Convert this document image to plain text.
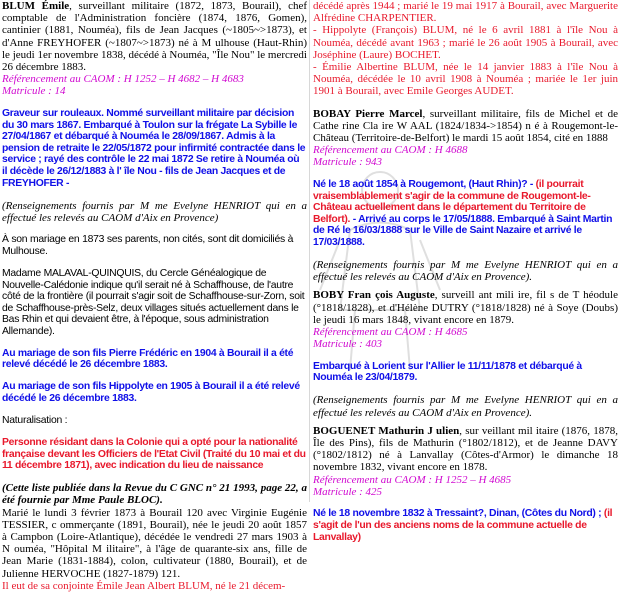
BLUM Émile, surveillant militaire (1872, 1873, Bourail), chef comptable de l'Administration foncière (1874, 1876, Gomen), cantinier (1881, Nouméa), fils de Jean Jacques (~1805~>1873), et d'Anne FREYHOFER (~1807~>1873) né à M ulhouse (Haut-Rhin) le jeudi 1er novembre 1838, décédé à Nouméa, "Île Nou" le mercredi 26 décembre 1883.

Référencement au CAOM : H 1252 – H 4682 – H 4683

Matricule : 14

Graveur sur rouleaux. Nommé surveillant militaire par décision du 30 mars 1867. Embarqué à Toulon sur la frégate La Sybille le 27/04/1867 et débarqué à Nouméa le 28/09/1867. Admis à la pension de retraite le 22/05/1872 pour infirmité contractée dans le service ; rayé des contrôle le 22 mai 1872 Se retire à Nouméa où il décède le 26/12/1883 à l' île Nou - fils de Jean Jacques et de FREYHOFER -

(Renseignements fournis par M me Evelyne HENRIOT qui en a effectué les relevés au CAOM d'Aix en Provence)

À son mariage en 1873 ses parents, non cités, sont dit domiciliés à Mulhouse.

Madame MALAVAL-QUINQUIS, du Cercle Généalogique de Nouvelle-Calédonie indique qu'il serait né à Schaffhouse, de l'autre côté de la frontière (il pourrait s'agir soit de Schaffhouse-sur-Zorn, soit de Schaffhouse-près-Selz, deux villages situés actuellement dans le Bas Rhin et qui devaient être, à l'époque, sous administration Allemande).

Au mariage de son fils Pierre Frédéric en 1904 à Bourail il a été relevé décédé le 26 décembre 1883.

Au mariage de son fils Hippolyte en 1905 à Bourail il a été relevé décédé le 26 décembre 1883.

Naturalisation :

Personne résidant dans la Colonie qui a opté pour la nationalité française devant les Officiers de l'Etat Civil (Traité du 10 mai et du 11 décembre 1871), avec indication du lieu de naissance

(Cette liste publiée dans la Revue du C GNC n° 21 1993, page 22, a été fournie par Mme Paule BLOC).

Marié le lundi 3 février 1873 à Bourail 120 avec Virginie Eugénie TESSIER, c ommerçante (1891, Bourail), née le jeudi 20 août 1857 à Campbon (Loire-Atlantique), décédée le vendredi 27 mars 1903 à N ouméa, "Hôpital M ilitaire", à l'âge de quarante-six ans, fille de Jean Marie (1831-1884), colon, cultivateur (1880, Bourail), et de Julienne HERVOCHE (1827-1879) 121.

Il eut de sa conjointe Émile Jean Albert BLUM, né le 21 décem-

décédé après 1944 ; marié le 19 mai 1917 à Bourail, avec Marguerite Alfrédine CHARPENTIER.

- Hippolyte (François) BLUM, né le 6 avril 1881 à l'île Nou à Nouméa, décédé avant 1963 ; marié le 26 août 1905 à Bourail, avec Joséphine (Laure) BOCHET.

- Émilie Albertine BLUM, née le 14 janvier 1883 à l'île Nou à Nouméa, décédée le 10 avril 1908 à Nouméa ; mariée le 1er juin 1901 à Bourail, avec Emile Georges AUDET.

BOBAY Pierre Marcel, surveillant militaire, fils de Michel et de Cathe rine Cla ire W AAL (1824/1834->1854) n é à Rougemont-le-Château (Territoire-de-Belfort) le mardi 15 août 1854, cité en 1888

Référencement au CAOM : H 4688

Matricule : 943

Né le 18 août 1854 à Rougemont, (Haut Rhin)? - (il pourrait vraisemblablement s'agir de la commune de Rougemont-le-Château actuellement dans le département du Territoire de Belfort). - Arrivé au corps le 17/05/1888. Embarqué à Saint Martin de Ré le 16/03/1888 sur le Ville de Saint Nazaire et arrivé le 17/03/1888.

(Renseignements fournis par M me Evelyne HENRIOT qui en a effectué les relevés au CAOM d'Aix en Provence).

BOBY Fran çois Auguste, surveill ant mili ire, fil s de T héodule (°1818/1828), et d'Hélène DUTRY (°1818/1828) né à Soye (Doubs) le jeudi 16 mars 1848, vivant encore en 1879.

Référencement au CAOM : H 4685

Matricule : 403

Embarqué à Lorient sur l'Allier le 11/11/1878 et débarqué à Nouméa le 23/04/1879.

(Renseignements fournis par M me Evelyne HENRIOT qui en a effectué les relevés au CAOM d'Aix en Provence).

BOGUENET Mathurin J ulien, sur veillant mil itaire (1876, 1878, Île des Pins), fils de Mathurin (°1802/1812), et de Jeanne DAVY (°1802/1812) né à Lanvallay (Côtes-d'Armor) le dimanche 18 novembre 1832, vivant encore en 1878.

Référencement au CAOM : H 1252 – H 4685

Matricule : 425

Né le 18 novembre 1832 à Tressaint?, Dinan, (Côtes du Nord) ; (il s'agit de l'un des anciens noms de la commune actuelle de Lanvallay)
